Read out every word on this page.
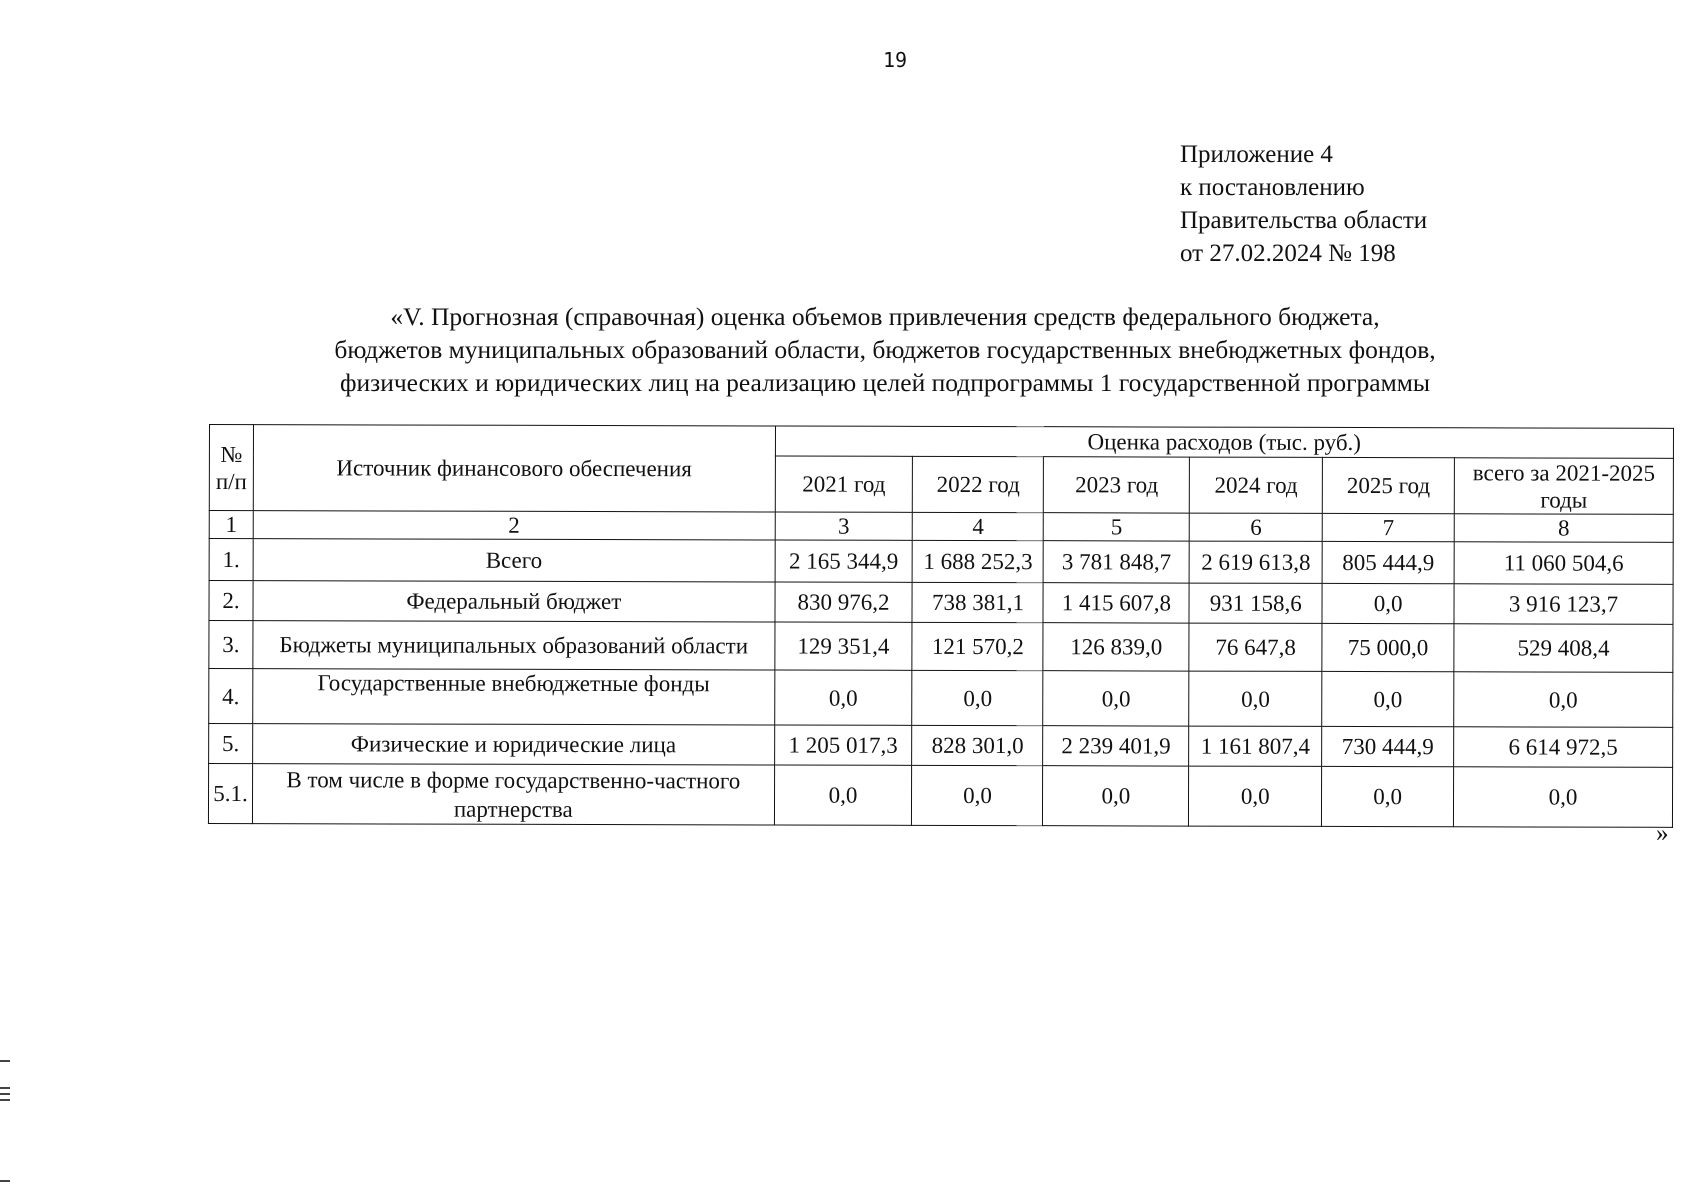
19
Приложение 4
к постановлению
Правительства области
от 27.02.2024 № 198
«V. Прогнозная (справочная) оценка объемов привлечения средств федерального бюджета,
бюджетов муниципальных образований области, бюджетов государственных внебюджетных фондов,
физических и юридических лиц на реализацию целей подпрограммы 1 государственной программы
№ п/п	Источник финансового обеспечения	Оценка расходов (тыс. руб.)					
		2021 год	2022 год	2023 год	2024 год	2025 год	всего за 2021-2025 годы
1	2	3	4	5	6	7	8
1.	Всего	2 165 344,9	1 688 252,3	3 781 848,7	2 619 613,8	805 444,9	11 060 504,6
2.	Федеральный бюджет	830 976,2	738 381,1	1 415 607,8	931 158,6	0,0	3 916 123,7
3.	Бюджеты муниципальных образований области	129 351,4	121 570,2	126 839,0	76 647,8	75 000,0	529 408,4
4.	Государственные внебюджетные фонды	0,0	0,0	0,0	0,0	0,0	0,0
5.	Физические и юридические лица	1 205 017,3	828 301,0	2 239 401,9	1 161 807,4	730 444,9	6 614 972,5
5.1.	В том числе в форме государственно-частного партнерства	0,0	0,0	0,0	0,0	0,0	0,0
»
